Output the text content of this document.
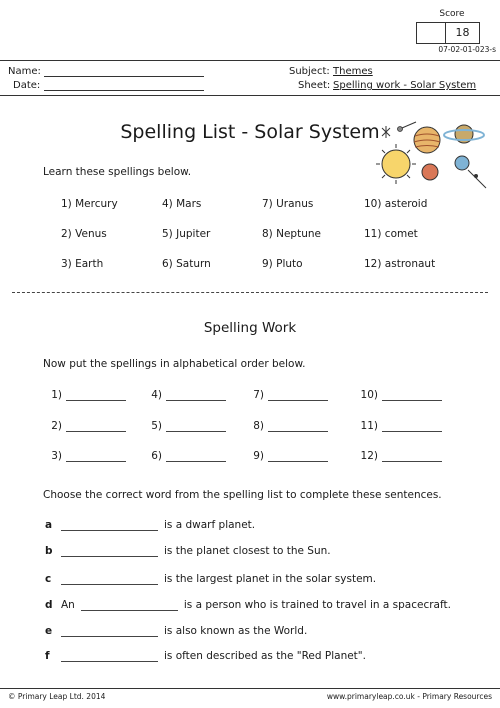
Score
18
07-02-01-023-s
Name:
Date:
Subject: Themes
Sheet: Spelling work - Solar System
Spelling List - Solar System
Learn these spellings below.
1) Mercury	4) Mars	7) Uranus	10) asteroid
2) Venus	5) Jupiter	8) Neptune	11) comet
3) Earth	6) Saturn	9) Pluto	12) astronaut
Spelling Work
Now put the spellings in alphabetical order below.
1)	4)	7)	10)
2)	5)	8)	11)
3)	6)	9)	12)
Choose the correct word from the spelling list to complete these sentences.
a	is a dwarf planet.
b	is the planet closest to the Sun.
c	is the largest planet in the solar system.
d An	is a person who is trained to travel in a spacecraft.
e	is also known as the World.
f	is often described as the "Red Planet".
© Primary Leap Ltd. 2014	www.primaryleap.co.uk - Primary Resources
